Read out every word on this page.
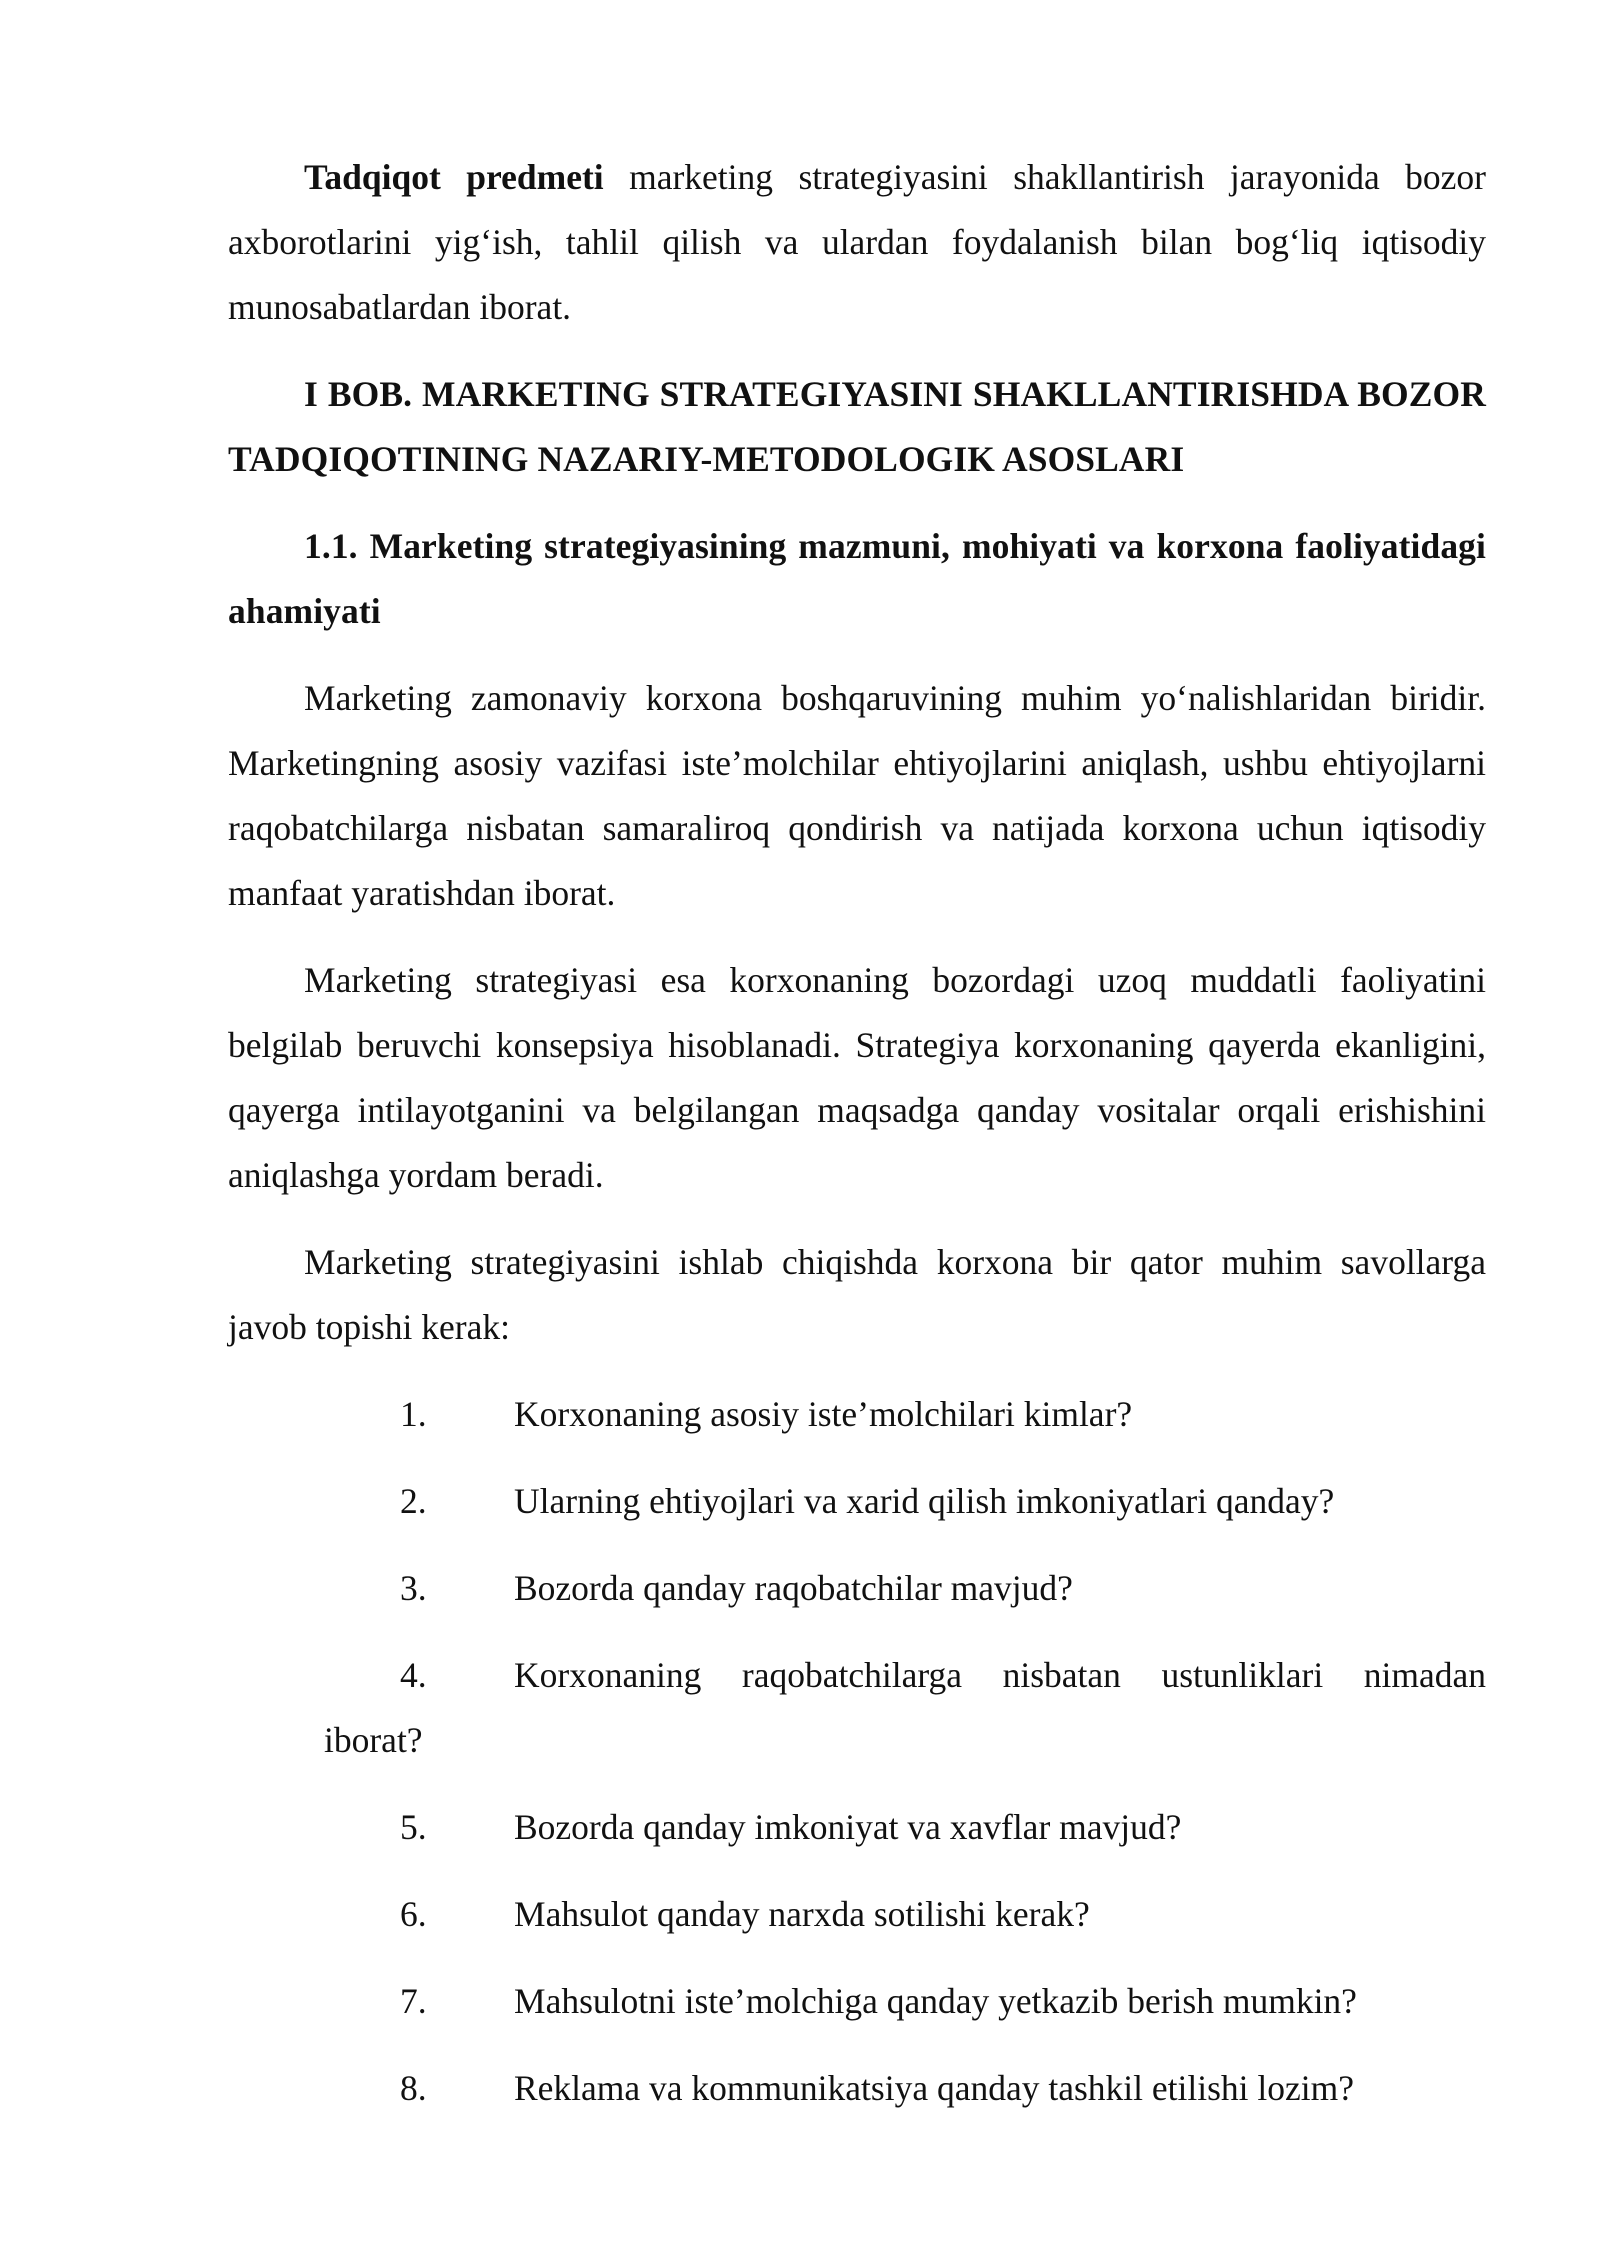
Tadqiqot predmeti marketing strategiyasini shakllantirish jarayonida bozor axborotlarini yig‘ish, tahlil qilish va ulardan foydalanish bilan bog‘liq iqtisodiy munosabatlardan iborat.

I BOB. MARKETING STRATEGIYASINI SHAKLLANTIRISHDA BOZOR TADQIQOTINING NAZARIY-METODOLOGIK ASOSLARI

1.1. Marketing strategiyasining mazmuni, mohiyati va korxona faoliyatidagi ahamiyati

Marketing zamonaviy korxona boshqaruvining muhim yo‘nalishlaridan biridir. Marketingning asosiy vazifasi iste’molchilar ehtiyojlarini aniqlash, ushbu ehtiyojlarni raqobatchilarga nisbatan samaraliroq qondirish va natijada korxona uchun iqtisodiy manfaat yaratishdan iborat.

Marketing strategiyasi esa korxonaning bozordagi uzoq muddatli faoliyatini belgilab beruvchi konsepsiya hisoblanadi. Strategiya korxonaning qayerda ekanligini, qayerga intilayotganini va belgilangan maqsadga qanday vositalar orqali erishishini aniqlashga yordam beradi.

Marketing strategiyasini ishlab chiqishda korxona bir qator muhim savollarga javob topishi kerak:

1. Korxonaning asosiy iste’molchilari kimlar?
2. Ularning ehtiyojlari va xarid qilish imkoniyatlari qanday?
3. Bozorda qanday raqobatchilar mavjud?
4. Korxonaning raqobatchilarga nisbatan ustunliklari nimadan
iborat?
5. Bozorda qanday imkoniyat va xavflar mavjud?
6. Mahsulot qanday narxda sotilishi kerak?
7. Mahsulotni iste’molchiga qanday yetkazib berish mumkin?
8. Reklama va kommunikatsiya qanday tashkil etilishi lozim?
